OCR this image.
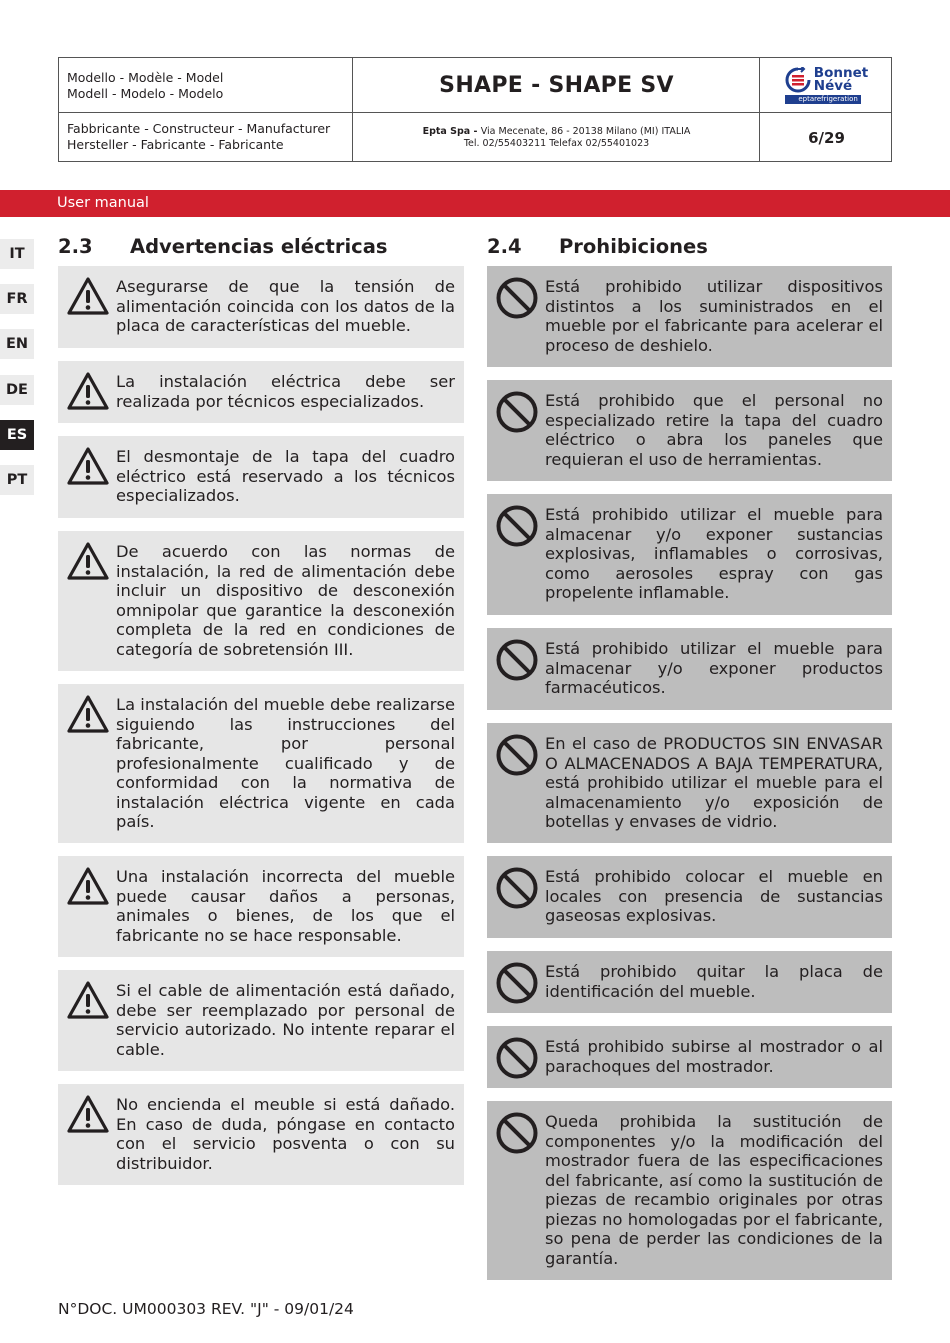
Modello - Modèle - Model
Modell - Modelo - Modelo	SHAPE - SHAPE SV	Bonnet
Névé
eptarefrigeration
Fabbricante - Constructeur - Manufacturer
Hersteller - Fabricante - Fabricante
Epta Spa - Via Mecenate, 86 - 20138 Milano (MI) ITALIA
Tel. 02/55403211 Telefax 02/55401023	6/29
User manual
IT
FR
EN
DE
ES
PT
2.3 Advertencias eléctricas
Asegurarse de que la tensión de alimentación coincida con los datos de la placa de características del mueble.
La instalación eléctrica debe ser realizada por técnicos especializados.
El desmontaje de la tapa del cuadro eléctrico está reservado a los técnicos especializados.
De acuerdo con las normas de instalación, la red de alimentación debe incluir un dispositivo de desconexión omnipolar que garantice la desconexión completa de la red en condiciones de categoría de sobretensión III.
La instalación del mueble debe realizarse siguiendo las instrucciones del fabricante, por personal profesionalmente cualificado y de conformidad con la normativa de instalación eléctrica vigente en cada país.
Una instalación incorrecta del mueble puede causar daños a personas, animales o bienes, de los que el fabricante no se hace responsable.
Si el cable de alimentación está dañado, debe ser reemplazado por personal de servicio autorizado. No intente reparar el cable.
No encienda el meuble si está dañado. En caso de duda, póngase en contacto con el servicio posventa o con su distribuidor.
2.4 Prohibiciones
Está prohibido utilizar dispositivos distintos a los suministrados en el mueble por el fabricante para acelerar el proceso de deshielo.
Está prohibido que el personal no especializado retire la tapa del cuadro eléctrico o abra los paneles que requieran el uso de herramientas.
Está prohibido utilizar el mueble para almacenar y/o exponer sustancias explosivas, inflamables o corrosivas, como aerosoles espray con gas propelente inflamable.
Está prohibido utilizar el mueble para almacenar y/o exponer productos farmacéuticos.
En el caso de PRODUCTOS SIN ENVASAR O ALMACENADOS A BAJA TEMPERATURA, está prohibido utilizar el mueble para el almacenamiento y/o exposición de botellas y envases de vidrio.
Está prohibido colocar el mueble en locales con presencia de sustancias gaseosas explosivas.
Está prohibido quitar la placa de identificación del mueble.
Está prohibido subirse al mostrador o al parachoques del mostrador.
Queda prohibida la sustitución de componentes y/o la modificación del mostrador fuera de las especificaciones del fabricante, así como la sustitución de piezas de recambio originales por otras piezas no homologadas por el fabricante, so pena de perder las condiciones de la garantía.
N°DOC. UM000303 REV. "J" - 09/01/24
